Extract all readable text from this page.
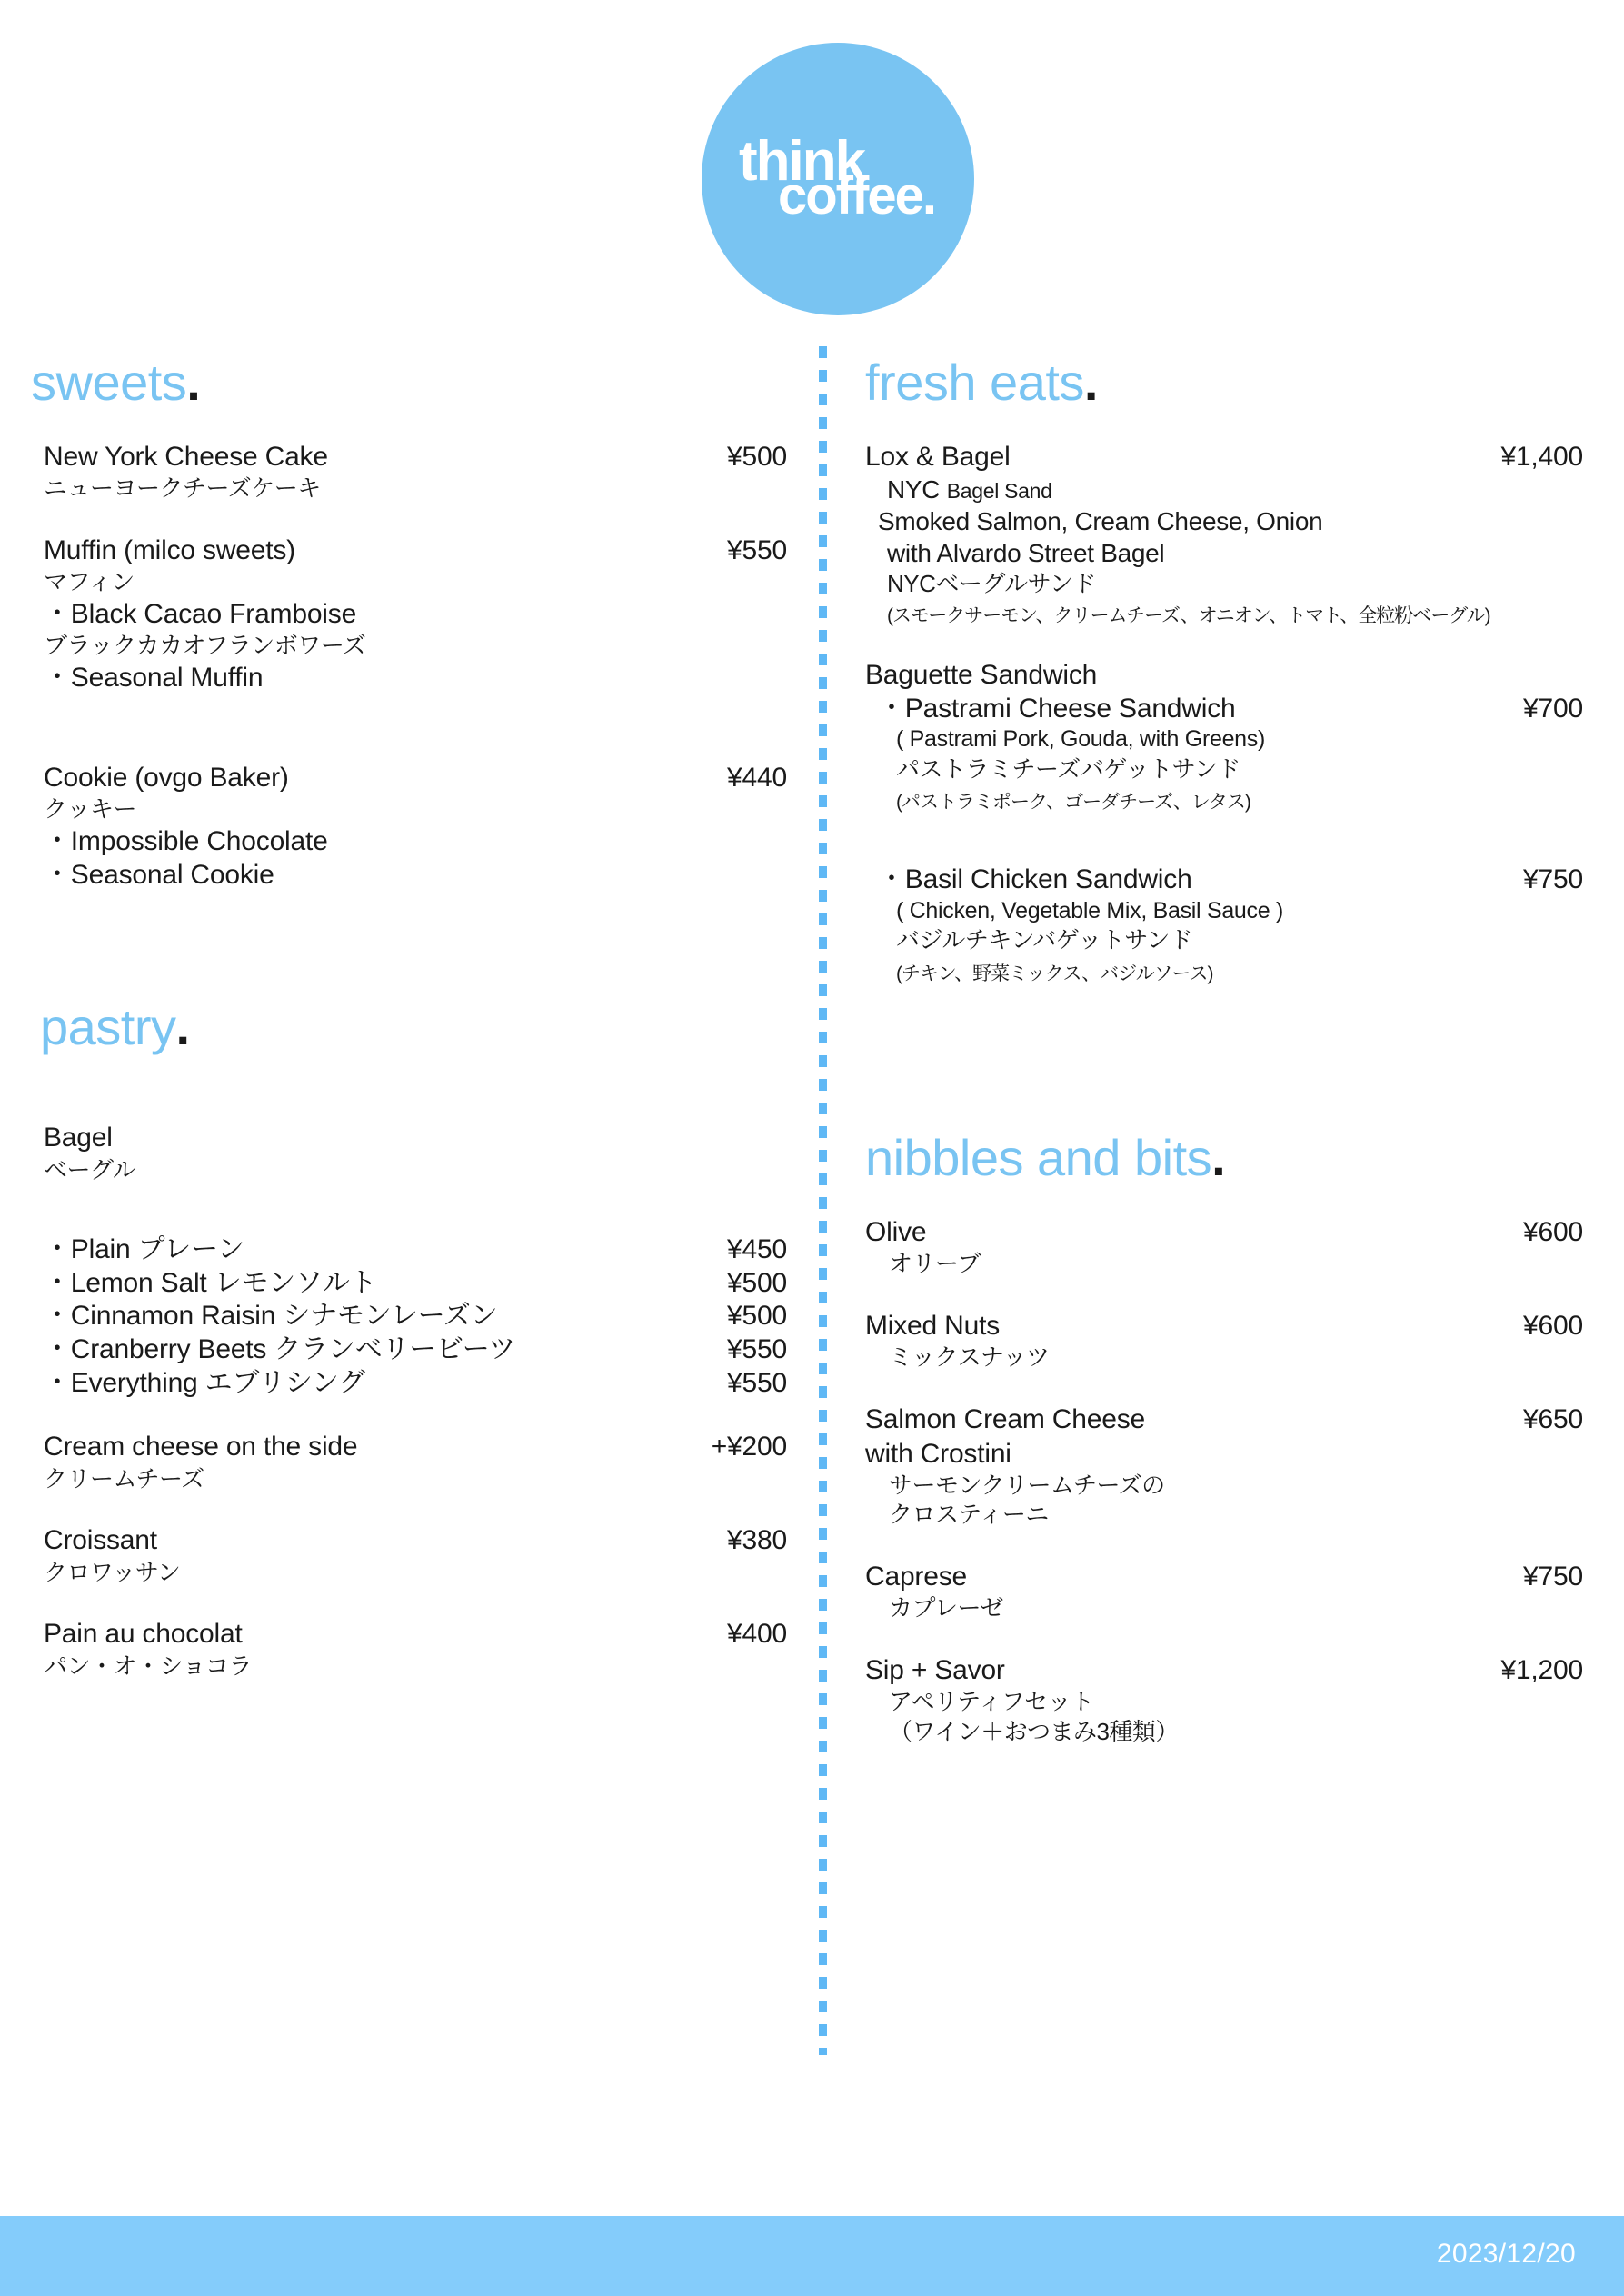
think
coffee.
sweets.
New York Cheese Cake	¥500
ニューヨークチーズケーキ
Muffin (milco sweets)	¥550
マフィン
・Black Cacao Framboise
ブラックカカオフランボワーズ
・Seasonal Muffin
Cookie (ovgo Baker)	¥440
クッキー
・Impossible Chocolate
・Seasonal Cookie
pastry.
Bagel
ベーグル
・Plain プレーン	¥450
・Lemon Salt レモンソルト	¥500
・Cinnamon Raisin シナモンレーズン	¥500
・Cranberry Beets クランベリービーツ	¥550
・Everything エブリシング	¥550
Cream cheese on the side	+¥200
クリームチーズ
Croissant	¥380
クロワッサン
Pain au chocolat	¥400
パン・オ・ショコラ
fresh eats.
Lox & Bagel	¥1,400
NYC Bagel Sand
Smoked Salmon, Cream Cheese, Onion
with Alvardo Street Bagel
NYCベーグルサンド
(スモークサーモン、クリームチーズ、オニオン、トマト、全粒粉ベーグル)
Baguette Sandwich
・Pastrami Cheese Sandwich	¥700
( Pastrami Pork, Gouda, with Greens)
パストラミチーズバゲットサンド
(パストラミポーク、ゴーダチーズ、レタス)
・Basil Chicken Sandwich	¥750
( Chicken, Vegetable Mix, Basil Sauce )
バジルチキンバゲットサンド
(チキン、野菜ミックス、バジルソース)
nibbles and bits.
Olive	¥600
オリーブ
Mixed Nuts	¥600
ミックスナッツ
Salmon Cream Cheese	¥650
with Crostini
サーモンクリームチーズの
クロスティーニ
Caprese	¥750
カプレーゼ
Sip + Savor	¥1,200
アペリティフセット
（ワイン＋おつまみ3種類）
2023/12/20
